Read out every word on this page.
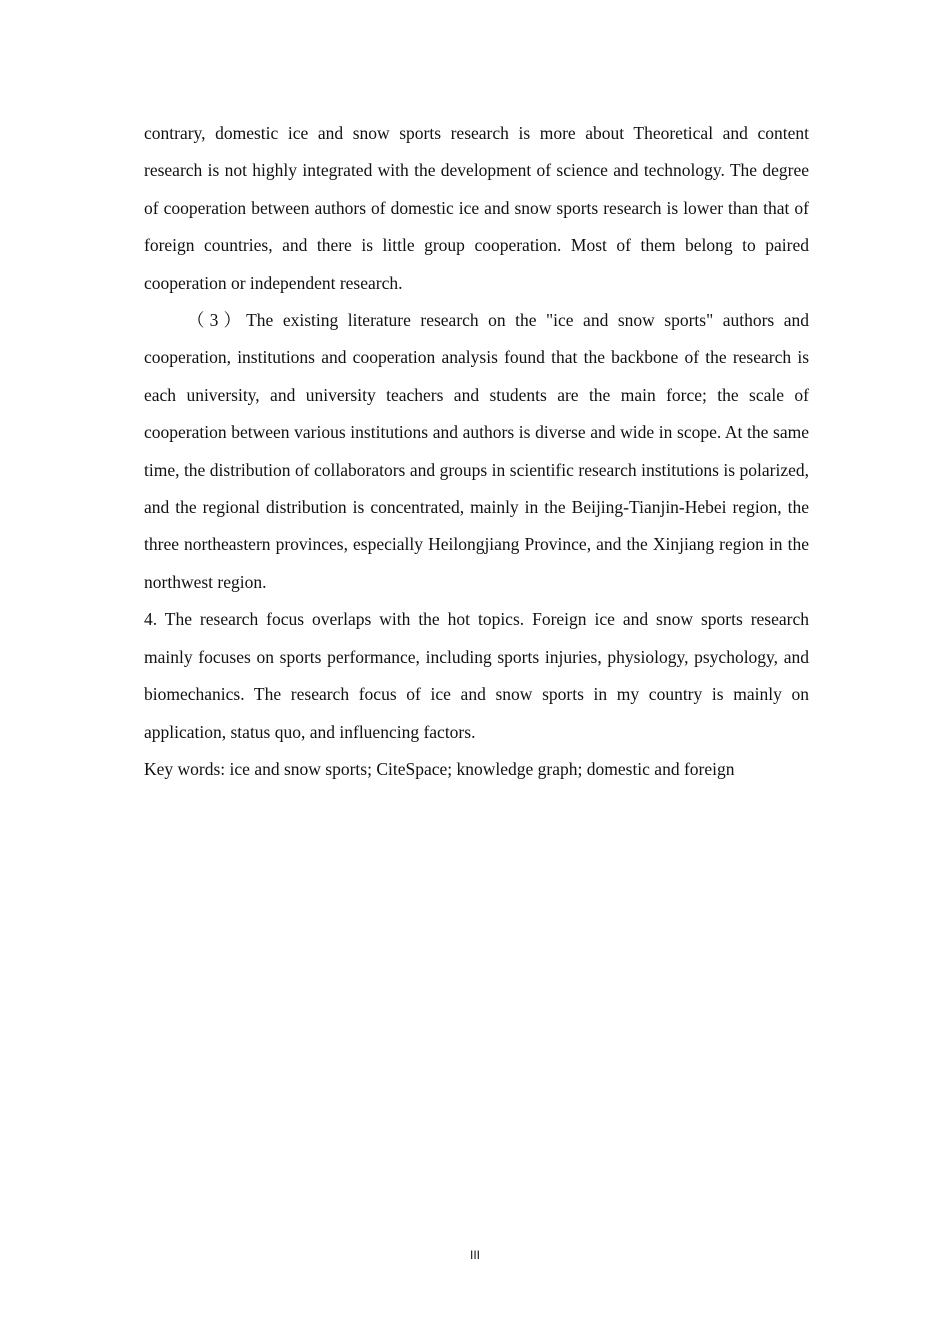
contrary, domestic ice and snow sports research is more about Theoretical and content research is not highly integrated with the development of science and technology. The degree of cooperation between authors of domestic ice and snow sports research is lower than that of foreign countries, and there is little group cooperation. Most of them belong to paired cooperation or independent research.

（3）The existing literature research on the "ice and snow sports" authors and cooperation, institutions and cooperation analysis found that the backbone of the research is each university, and university teachers and students are the main force; the scale of cooperation between various institutions and authors is diverse and wide in scope. At the same time, the distribution of collaborators and groups in scientific research institutions is polarized, and the regional distribution is concentrated, mainly in the Beijing-Tianjin-Hebei region, the three northeastern provinces, especially Heilongjiang Province, and the Xinjiang region in the northwest region.

4. The research focus overlaps with the hot topics. Foreign ice and snow sports research mainly focuses on sports performance, including sports injuries, physiology, psychology, and biomechanics. The research focus of ice and snow sports in my country is mainly on application, status quo, and influencing factors.

Key words: ice and snow sports; CiteSpace; knowledge graph; domestic and foreign

III
